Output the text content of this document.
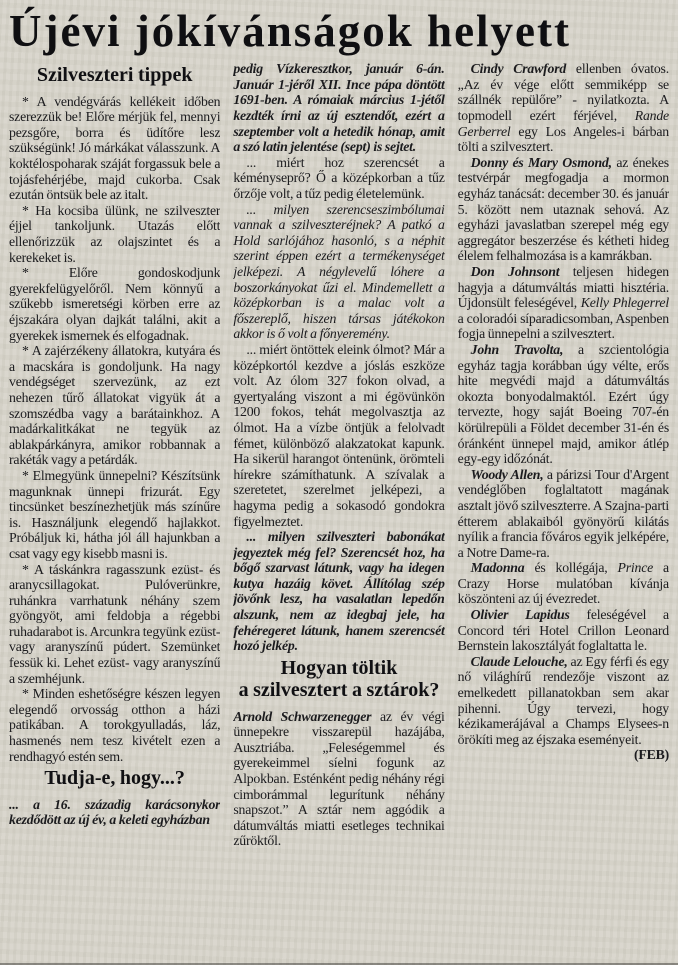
Újévi jókívánságok helyett
Szilveszteri tippek

* A vendégvárás kellékeit időben szerezzük be! Előre mérjük fel, mennyi pezsgőre, borra és üdítőre lesz szükségünk! Jó márkákat válasszunk. A koktélospoharak száját forgassuk bele a tojásfehérjébe, majd cukorba. Csak ezután öntsük bele az italt.

* Ha kocsiba ülünk, ne szilveszter éjjel tankoljunk. Utazás előtt ellenőrizzük az olajszintet és a kerekeket is.

* Előre gondoskodjunk gyerekfelügyelőről. Nem könnyű a szűkebb ismeretségi körben erre az éjszakára olyan dajkát találni, akit a gyerekek ismernek és elfogadnak.

* A zajérzékeny állatokra, kutyára és a macskára is gondoljunk. Ha nagy vendégséget szervezünk, az ezt nehezen tűrő állatokat vigyük át a szomszédba vagy a barátainkhoz. A madárkalitkákat ne tegyük az ablakpárkányra, amikor robbannak a rakéták vagy a petárdák.

* Elmegyünk ünnepelni? Készítsünk magunknak ünnepi frizurát. Egy tincsünket beszínezhetjük más színűre is. Használjunk elegendő hajlakkot. Próbáljuk ki, hátha jól áll hajunkban a csat vagy egy kisebb masni is.

* A táskánkra ragasszunk ezüst- és aranycsillagokat. Pulóverünkre, ruhánkra varrhatunk néhány szem gyöngyöt, ami feldobja a régebbi ruhadarabot is. Arcunkra tegyünk ezüst- vagy aranyszínű púdert. Szemünket fessük ki. Lehet ezüst- vagy aranyszínű a szemhéjunk.

* Minden eshetőségre készen legyen elegendő orvosság otthon a házi patikában. A torokgyulladás, láz, hasmenés nem tesz kivételt ezen a rendhagyó estén sem.

Tudja-e, hogy...?

... a 16. századig karácsonykor kezdődött az új év, a keleti egyházban

pedig Vízkeresztkor, január 6-án. Január 1-jéről XII. Ince pápa döntött 1691-ben. A rómaiak március 1-jétől kezdték írni az új esztendőt, ezért a szeptember volt a hetedik hónap, amit a szó latin jelentése (sept) is sejtet.

... miért hoz szerencsét a kéményseprő? Ő a középkorban a tűz őrzője volt, a tűz pedig életelemünk.

... milyen szerencseszimbólumai vannak a szilveszteréjnek? A patkó a Hold sarlójához hasonló, s a néphit szerint éppen ezért a termékenységet jelképezi. A négylevelű lóhere a boszorkányokat űzi el. Mindemellett a középkorban is a malac volt a főszereplő, hiszen társas játékokon akkor is ő volt a főnyeremény.

... miért öntöttek eleink ólmot? Már a középkortól kezdve a jóslás eszköze volt. Az ólom 327 fokon olvad, a gyertyaláng viszont a mi égövünkön 1200 fokos, tehát megolvasztja az ólmot. Ha a vízbe öntjük a felolvadt fémet, különböző alakzatokat kapunk. Ha sikerül harangot öntenünk, örömteli hírekre számíthatunk. A szívalak a szeretetet, szerelmet jelképezi, a hagyma pedig a sokasodó gondokra figyelmeztet.

... milyen szilveszteri babonákat jegyeztek még fel? Szerencsét hoz, ha bőgő szarvast látunk, vagy ha idegen kutya hazáig követ. Állítólag szép jövőnk lesz, ha vasalatlan lepedőn alszunk, nem az idegbaj jele, ha fehéregeret látunk, hanem szerencsét hozó jelkép.

Hogyan töltik
a szilvesztert a sztárok?

Arnold Schwarzenegger az év végi ünnepekre visszarepül hazájába, Ausztriába. „Feleségemmel és gyerekeimmel síelni fogunk az Alpokban. Esténként pedig néhány régi cimborámmal legurítunk néhány snapszot.” A sztár nem aggódik a dátumváltás miatti esetleges technikai zűröktől.

Cindy Crawford ellenben óvatos. „Az év vége előtt semmiképp se szállnék repülőre” - nyilatkozta. A topmodell ezért férjével, Rande Gerberrel egy Los Angeles-i bárban tölti a szilvesztert.

Donny és Mary Osmond, az énekes testvérpár megfogadja a mormon egyház tanácsát: december 30. és január 5. között nem utaznak sehová. Az egyházi javaslatban szerepel még egy aggregátor beszerzése és kétheti hideg élelem felhalmozása is a kamrákban.

Don Johnsont teljesen hidegen hagyja a dátumváltás miatti hisztéria. Újdonsült feleségével, Kelly Phlegerrel a coloradói síparadicsomban, Aspenben fogja ünnepelni a szilvesztert.

John Travolta, a szcientológia egyház tagja korábban úgy vélte, erős hite megvédi majd a dátumváltás okozta bonyodalmaktól. Ezért úgy tervezte, hogy saját Boeing 707-én körülrepüli a Földet december 31-én és óránként ünnepel majd, amikor átlép egy-egy időzónát.

Woody Allen, a párizsi Tour d'Argent vendéglőben foglaltatott magának asztalt jövő szilveszterre. A Szajna-parti étterem ablakaiból gyönyörű kilátás nyílik a francia főváros egyik jelképére, a Notre Dame-ra.

Madonna és kollégája, Prince a Crazy Horse mulatóban kívánja köszönteni az új évezredet.

Olivier Lapidus feleségével a Concord téri Hotel Crillon Leonard Bernstein lakosztályát foglaltatta le.

Claude Lelouche, az Egy férfi és egy nő világhírű rendezője viszont az emelkedett pillanatokban sem akar pihenni. Úgy tervezi, hogy kézikamerájával a Champs Elysees-n örökíti meg az éjszaka eseményeit.

(FEB)
